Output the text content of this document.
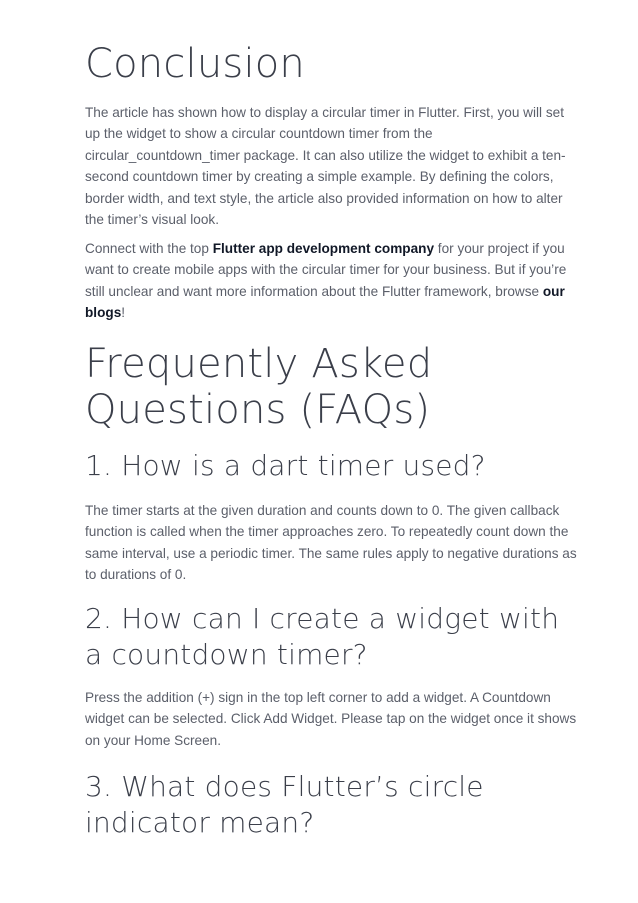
Conclusion

The article has shown how to display a circular timer in Flutter. First, you will set up the widget to show a circular countdown timer from the circular_countdown_timer package. It can also utilize the widget to exhibit a ten-second countdown timer by creating a simple example. By defining the colors, border width, and text style, the article also provided information on how to alter the timer’s visual look.

Connect with the top Flutter app development company for your project if you want to create mobile apps with the circular timer for your business. But if you’re still unclear and want more information about the Flutter framework, browse our blogs!

Frequently Asked Questions (FAQs)
1. How is a dart timer used?

The timer starts at the given duration and counts down to 0. The given callback function is called when the timer approaches zero. To repeatedly count down the same interval, use a periodic timer. The same rules apply to negative durations as to durations of 0.

2. How can I create a widget with a countdown timer?

Press the addition (+) sign in the top left corner to add a widget. A Countdown widget can be selected. Click Add Widget. Please tap on the widget once it shows on your Home Screen.

3. What does Flutter’s circle indicator mean?
